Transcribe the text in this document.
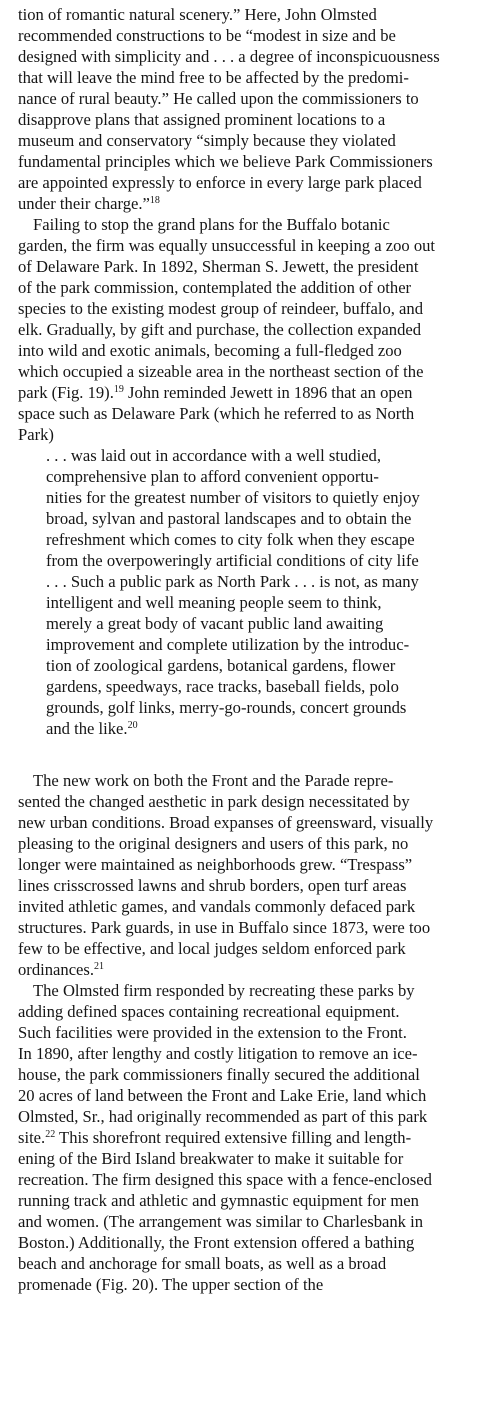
tion of romantic natural scenery.” Here, John Olmsted
recommended constructions to be “modest in size and be
designed with simplicity and . . . a degree of inconspicuousness
that will leave the mind free to be affected by the predomi-
nance of rural beauty.” He called upon the commissioners to
disapprove plans that assigned prominent locations to a
museum and conservatory “simply because they violated
fundamental principles which we believe Park Commissioners
are appointed expressly to enforce in every large park placed
under their charge.”$^{18}$
Failing to stop the grand plans for the Buffalo botanic
garden, the firm was equally unsuccessful in keeping a zoo out
of Delaware Park. In 1892, Sherman S. Jewett, the president
of the park commission, contemplated the addition of other
species to the existing modest group of reindeer, buffalo, and
elk. Gradually, by gift and purchase, the collection expanded
into wild and exotic animals, becoming a full-fledged zoo
which occupied a sizeable area in the northeast section of the
park (Fig. 19).$^{19}$ John reminded Jewett in 1896 that an open
space such as Delaware Park (which he referred to as North
Park)
. . . was laid out in accordance with a well studied,
comprehensive plan to afford convenient opportu-
nities for the greatest number of visitors to quietly enjoy
broad, sylvan and pastoral landscapes and to obtain the
refreshment which comes to city folk when they escape
from the overpoweringly artificial conditions of city life
. . . Such a public park as North Park . . . is not, as many
intelligent and well meaning people seem to think,
merely a great body of vacant public land awaiting
improvement and complete utilization by the introduc-
tion of zoological gardens, botanical gardens, flower
gardens, speedways, race tracks, baseball fields, polo
grounds, golf links, merry-go-rounds, concert grounds
and the like.$^{20}$
The new work on both the Front and the Parade repre-
sented the changed aesthetic in park design necessitated by
new urban conditions. Broad expanses of greensward, visually
pleasing to the original designers and users of this park, no
longer were maintained as neighborhoods grew. “Trespass”
lines crisscrossed lawns and shrub borders, open turf areas
invited athletic games, and vandals commonly defaced park
structures. Park guards, in use in Buffalo since 1873, were too
few to be effective, and local judges seldom enforced park
ordinances.$^{21}$
The Olmsted firm responded by recreating these parks by
adding defined spaces containing recreational equipment.
Such facilities were provided in the extension to the Front.
In 1890, after lengthy and costly litigation to remove an ice-
house, the park commissioners finally secured the additional
20 acres of land between the Front and Lake Erie, land which
Olmsted, Sr., had originally recommended as part of this park
site.$^{22}$ This shorefront required extensive filling and length-
ening of the Bird Island breakwater to make it suitable for
recreation. The firm designed this space with a fence-enclosed
running track and athletic and gymnastic equipment for men
and women. (The arrangement was similar to Charlesbank in
Boston.) Additionally, the Front extension offered a bathing
beach and anchorage for small boats, as well as a broad
promenade (Fig. 20). The upper section of the
